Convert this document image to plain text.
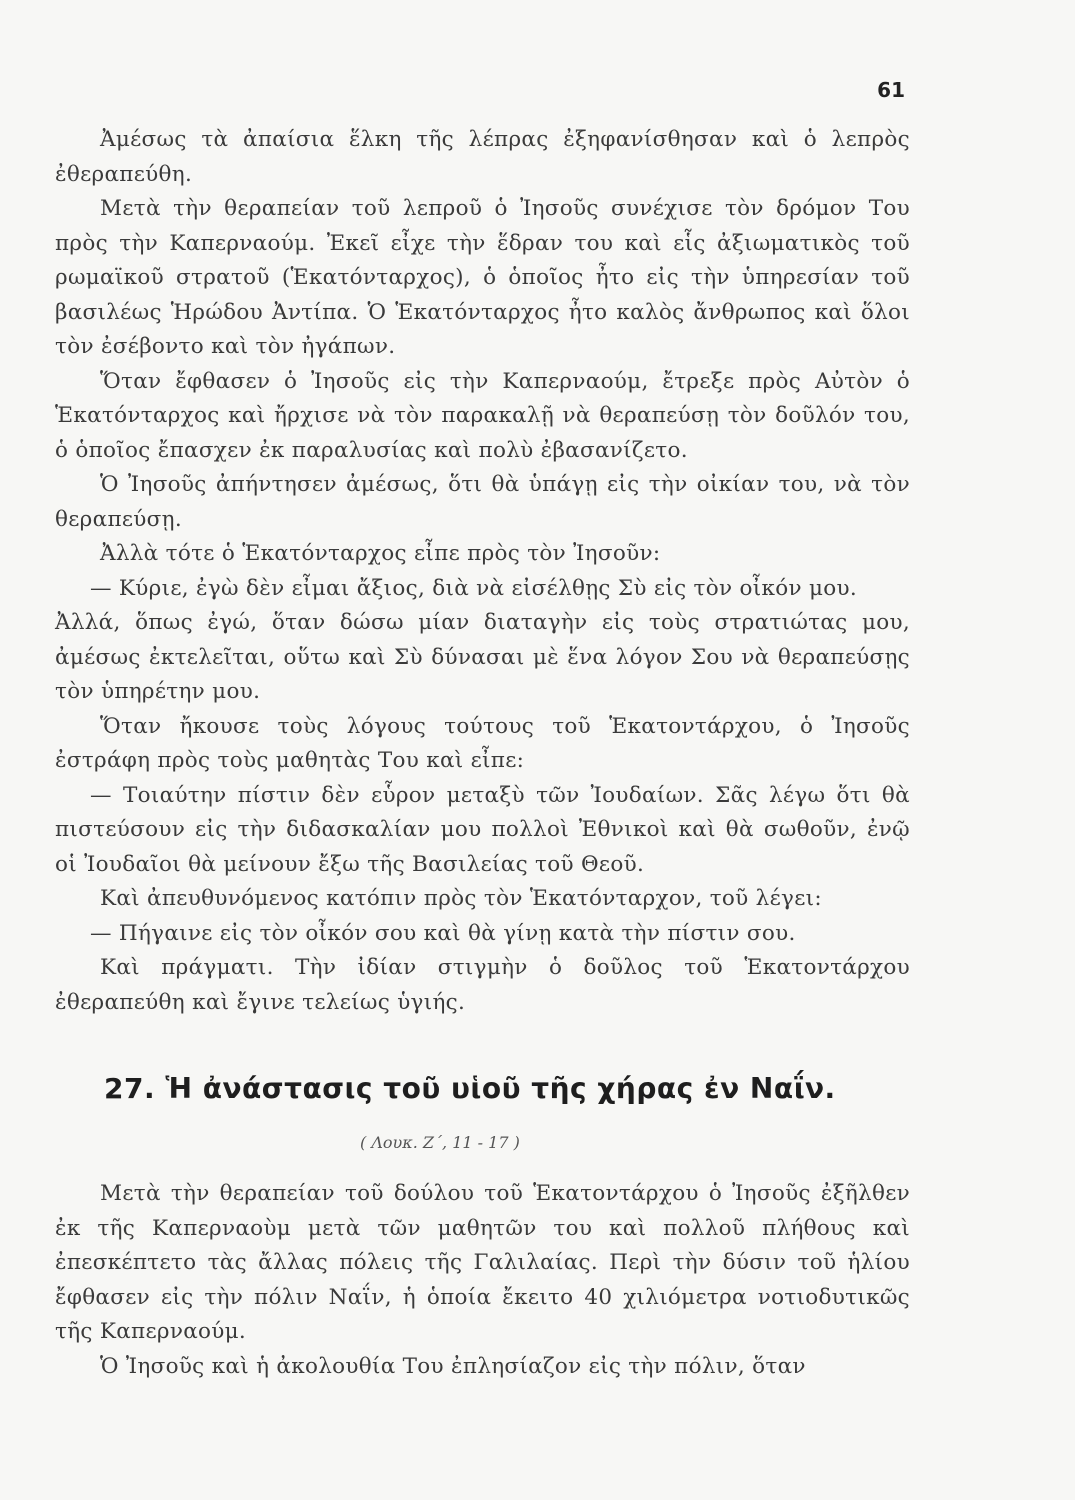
61

Ἀμέσως τὰ ἀπαίσια ἕλκη τῆς λέπρας ἐξηφανίσθησαν καὶ ὁ λεπρὸς ἐθεραπεύθη.

Μετὰ τὴν θεραπείαν τοῦ λεπροῦ ὁ Ἰησοῦς συνέχισε τὸν δρόμον Του πρὸς τὴν Καπερναούμ. Ἐκεῖ εἶχε τὴν ἕδραν του καὶ εἷς ἀξιωματικὸς τοῦ ρωμαϊκοῦ στρατοῦ (Ἑκατόνταρχος), ὁ ὁποῖος ἦτο εἰς τὴν ὑπηρεσίαν τοῦ βασιλέως Ἡρώδου Ἀντίπα. Ὁ Ἑκατόνταρχος ἦτο καλὸς ἄνθρωπος καὶ ὅλοι τὸν ἐσέβοντο καὶ τὸν ἠγάπων.

Ὅταν ἔφθασεν ὁ Ἰησοῦς εἰς τὴν Καπερναούμ, ἔτρεξε πρὸς Αὐτὸν ὁ Ἑκατόνταρχος καὶ ἤρχισε νὰ τὸν παρακαλῇ νὰ θεραπεύσῃ τὸν δοῦλόν του, ὁ ὁποῖος ἔπασχεν ἐκ παραλυσίας καὶ πολὺ ἐβασανίζετο.

Ὁ Ἰησοῦς ἀπήντησεν ἀμέσως, ὅτι θὰ ὑπάγῃ εἰς τὴν οἰκίαν του, νὰ τὸν θεραπεύσῃ.

Ἀλλὰ τότε ὁ Ἑκατόνταρχος εἶπε πρὸς τὸν Ἰησοῦν:

— Κύριε, ἐγὼ δὲν εἶμαι ἄξιος, διὰ νὰ εἰσέλθῃς Σὺ εἰς τὸν οἶκόν μου.

Ἀλλά, ὅπως ἐγώ, ὅταν δώσω μίαν διαταγὴν εἰς τοὺς στρατιώτας μου, ἀμέσως ἐκτελεῖται, οὕτω καὶ Σὺ δύνασαι μὲ ἕνα λόγον Σου νὰ θεραπεύσῃς τὸν ὑπηρέτην μου.

Ὅταν ἤκουσε τοὺς λόγους τούτους τοῦ Ἑκατοντάρχου, ὁ Ἰησοῦς ἐστράφη πρὸς τοὺς μαθητὰς Του καὶ εἶπε:

— Τοιαύτην πίστιν δὲν εὗρον μεταξὺ τῶν Ἰουδαίων. Σᾶς λέγω ὅτι θὰ πιστεύσουν εἰς τὴν διδασκαλίαν μου πολλοὶ Ἐθνικοὶ καὶ θὰ σωθοῦν, ἐνῷ οἱ Ἰουδαῖοι θὰ μείνουν ἔξω τῆς Βασιλείας τοῦ Θεοῦ.

Καὶ ἀπευθυνόμενος κατόπιν πρὸς τὸν Ἑκατόνταρχον, τοῦ λέγει:

— Πήγαινε εἰς τὸν οἶκόν σου καὶ θὰ γίνῃ κατὰ τὴν πίστιν σου.

Καὶ πράγματι. Τὴν ἰδίαν στιγμὴν ὁ δοῦλος τοῦ Ἑκατοντάρχου ἐθεραπεύθη καὶ ἔγινε τελείως ὑγιής.

27. Ἡ ἀνάστασις τοῦ υἱοῦ τῆς χήρας ἐν Ναΐν.
( Λουκ. Ζ΄, 11 - 17 )

Μετὰ τὴν θεραπείαν τοῦ δούλου τοῦ Ἑκατοντάρχου ὁ Ἰησοῦς ἐξῆλθεν ἐκ τῆς Καπερναοὺμ μετὰ τῶν μαθητῶν του καὶ πολλοῦ πλήθους καὶ ἐπεσκέπτετο τὰς ἄλλας πόλεις τῆς Γαλιλαίας. Περὶ τὴν δύσιν τοῦ ἡλίου ἔφθασεν εἰς τὴν πόλιν Ναΐν, ἡ ὁποία ἔκειτο 40 χιλιόμετρα νοτιοδυτικῶς τῆς Καπερναούμ.

Ὁ Ἰησοῦς καὶ ἡ ἀκολουθία Του ἐπλησίαζον εἰς τὴν πόλιν, ὅταν
